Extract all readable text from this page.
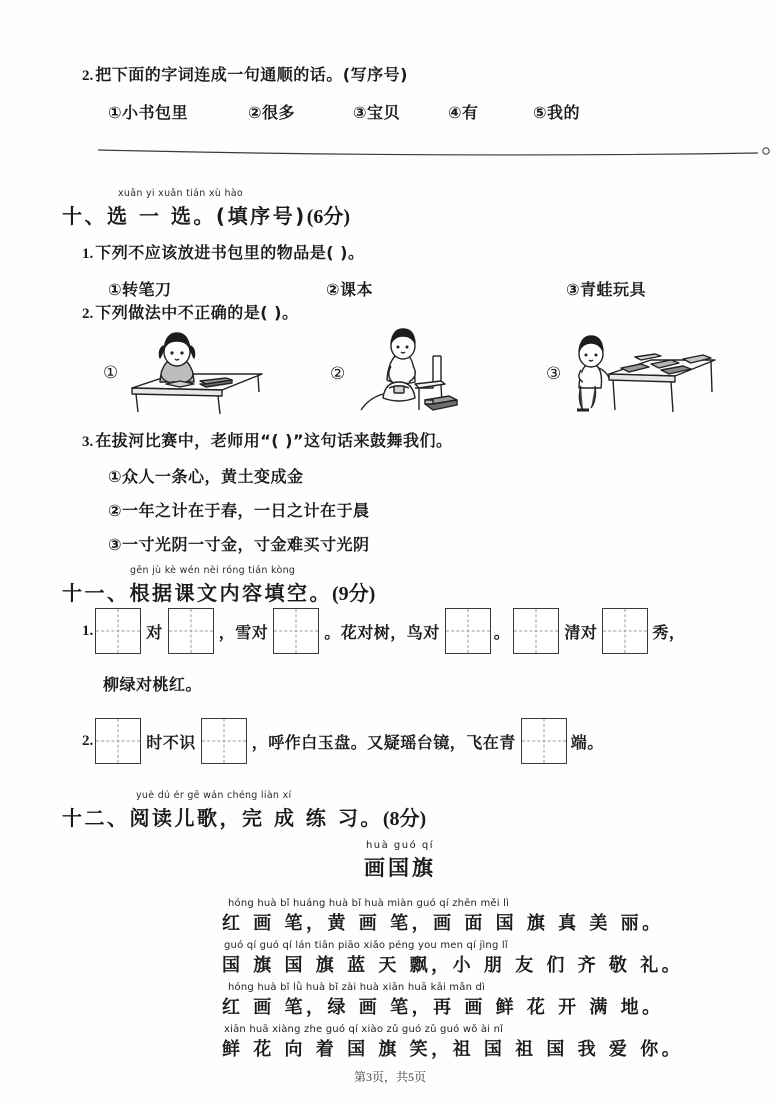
2. 把下面的字词连成一句通顺的话。(写序号)
①小书包里	②很多	③宝贝	④有	⑤我的
xuǎn yi xuǎn tián xù hào
十、选 一 选。(填序号)(6分)
1. 下列不应该放进书包里的物品是( )。
①转笔刀	②课本	③青蛙玩具
2. 下列做法中不正确的是( )。
①	②	③
3. 在拔河比赛中，老师用“( )”这句话来鼓舞我们。
①众人一条心，黄土变成金
②一年之计在于春，一日之计在于晨
③一寸光阴一寸金，寸金难买寸光阴
gēn jù kè wén nèi róng tián kòng
十一、根据课文内容填空。(9分)
1.	对	，雪对	。花对树，鸟对	。	清对	秀，
柳绿对桃红。
2.	时不识	，呼作白玉盘。又疑瑶台镜，飞在青	端。
yuè dú ér gē wán chéng liàn xí
十二、阅读儿歌，完 成 练 习。(8分)
huà guó qí
画国旗
hóng huà bǐ huáng huà bǐ huà miàn guó qí zhēn měi lì
红 画 笔，黄 画 笔，画 面 国 旗 真 美 丽。
guó qí guó qí lán tiān piāo xiǎo péng you men qí jìng lǐ
国 旗 国 旗 蓝 天 飘，小 朋 友 们 齐 敬 礼。
hóng huà bǐ lǜ huà bǐ zài huà xiān huā kāi mǎn dì
红 画 笔，绿 画 笔，再 画 鲜 花 开 满 地。
xiān huā xiàng zhe guó qí xiào zǔ guó zǔ guó wǒ ài nǐ
鲜 花 向 着 国 旗 笑，祖 国 祖 国 我 爱 你。
第3页，共5页
